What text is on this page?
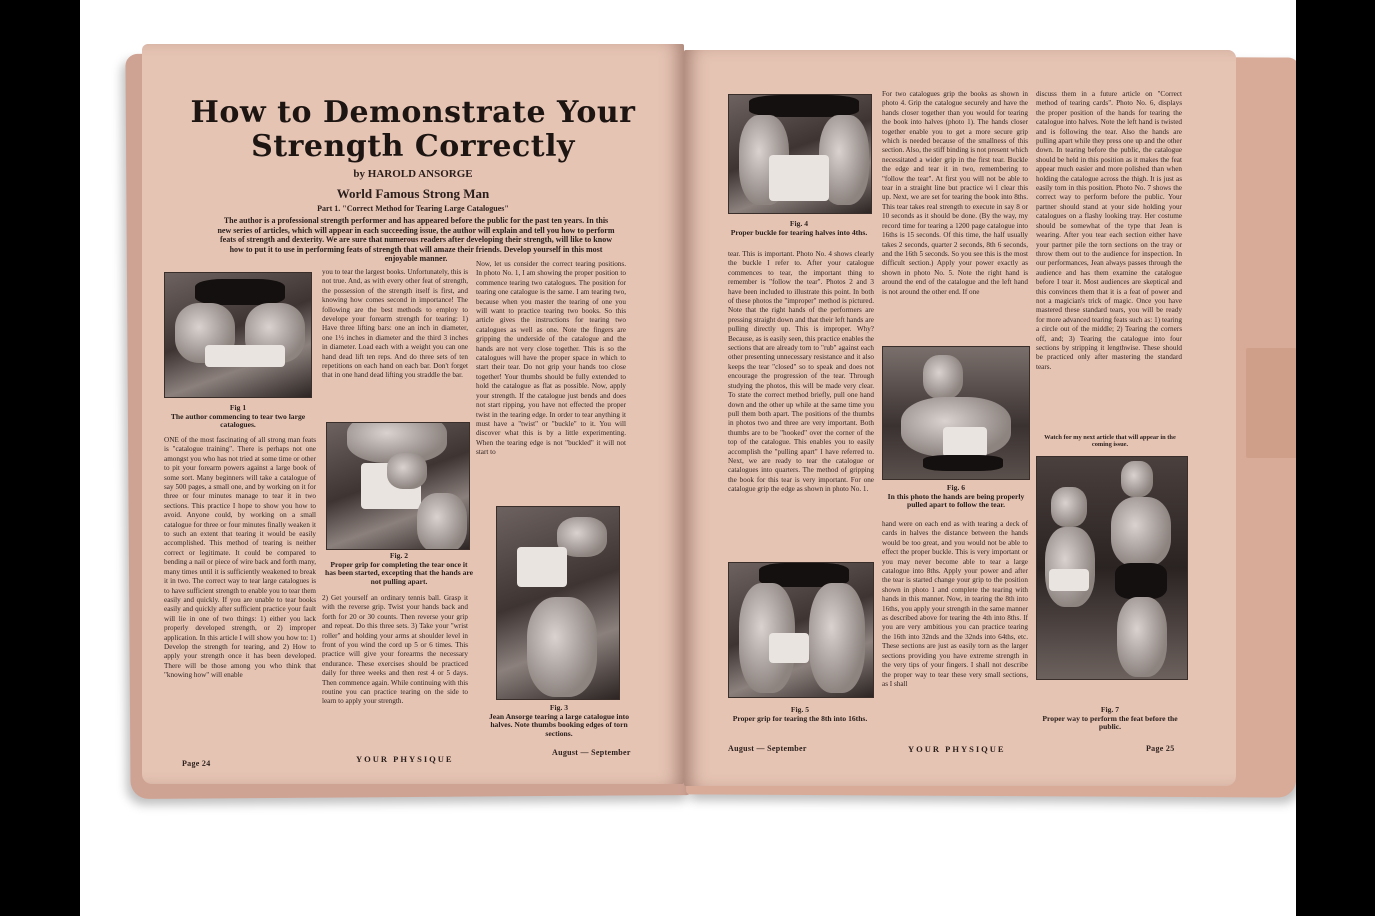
How to Demonstrate Your Strength Correctly
by HAROLD ANSORGE
World Famous Strong Man
Part 1. "Correct Method for Tearing Large Catalogues"
The author is a professional strength performer and has appeared before the public for the past ten years. In this new series of articles, which will appear in each succeeding issue, the author will explain and tell you how to perform feats of strength and dexterity. We are sure that numerous readers after developing their strength, will like to know how to put it to use in performing feats of strength that will amaze their friends. Develop yourself in this most enjoyable manner.
Fig 1
The author commencing to tear two large catalogues.
ONE of the most fascinating of all strong man feats is "catalogue training". There is perhaps not one amongst you who has not tried at some time or other to pit your forearm powers against a large book of some sort. Many beginners will take a catalogue of say 500 pages, a small one, and by working on it for three or four minutes manage to tear it in two sections. This practice I hope to show you how to avoid. Anyone could, by working on a small catalogue for three or four minutes finally weaken it to such an extent that tearing it would be easily accomplished. This method of tearing is neither correct or legitimate. It could be compared to bending a nail or piece of wire back and forth many, many times until it is sufficiently weakened to break it in two. The correct way to tear large catalogues is to have sufficient strength to enable you to tear them easily and quickly. If you are unable to tear books easily and quickly after sufficient practice your fault will lie in one of two things: 1) either you lack properly developed strength, or 2) improper application. In this article I will show you how to: 1) Develop the strength for tearing, and 2) How to apply your strength once it has been developed. There will be those among you who think that "knowing how" will enable
you to tear the largest books. Unfortunately, this is not true. And, as with every other feat of strength, the possession of the strength itself is first, and knowing how comes second in importance! The following are the best methods to employ to develope your forearm strength for tearing: 1) Have three lifting bars: one an inch in diameter, one 1½ inches in diameter and the third 3 inches in diameter. Load each with a weight you can one hand dead lift ten reps. And do three sets of ten repetitions on each hand on each bar. Don't forget that in one hand dead lifting you straddle the bar.
Fig. 2
Proper grip for completing the tear once it has been started, excepting that the hands are not pulling apart.
2) Get yourself an ordinary tennis ball. Grasp it with the reverse grip. Twist your hands back and forth for 20 or 30 counts. Then reverse your grip and repeat. Do this three sets. 3) Take your "wrist roller" and holding your arms at shoulder level in front of you wind the cord up 5 or 6 times. This practice will give your forearms the necessary endurance. These exercises should be practiced daily for three weeks and then rest 4 or 5 days. Then commence again. While continuing with this routine you can practice tearing on the side to learn to apply your strength.
Now, let us consider the correct tearing positions. In photo No. 1, I am showing the proper position to commence tearing two catalogues. The position for tearing one catalogue is the same. I am tearing two, because when you master the tearing of one you will want to practice tearing two books. So this article gives the instructions for tearing two catalogues as well as one. Note the fingers are gripping the underside of the catalogue and the hands are not very close together. This is so the catalogues will have the proper space in which to start their tear. Do not grip your hands too close together! Your thumbs should be fully extended to hold the catalogue as flat as possible. Now, apply your strength. If the catalogue just bends and does not start ripping, you have not effected the proper twist in the tearing edge. In order to tear anything it must have a "twist" or "buckle" to it. You will discover what this is by a little experimenting. When the tearing edge is not "buckled" it will not start to
Fig. 3
Jean Ansorge tearing a large catalogue into halves. Note thumbs booking edges of torn sections.
Page 24	YOUR PHYSIQUE
August — September
Fig. 4
Proper buckle for tearing halves into 4ths.
tear. This is important. Photo No. 4 shows clearly the buckle I refer to. After your catalogue commences to tear, the important thing to remember is "follow the tear". Photos 2 and 3 have been included to illustrate this point. In both of these photos the "improper" method is pictured. Note that the right hands of the performers are pressing straight down and that their left hands are pulling directly up. This is improper. Why? Because, as is easily seen, this practice enables the sections that are already torn to "rub" against each other presenting unnecessary resistance and it also keeps the tear "closed" so to speak and does not encourage the progression of the tear. Through studying the photos, this will be made very clear. To state the correct method briefly, pull one hand down and the other up while at the same time you pull them both apart. The positions of the thumbs in photos two and three are very important. Both thumbs are to be "hooked" over the corner of the top of the catalogue. This enables you to easily accomplish the "pulling apart" I have referred to. Next, we are ready to tear the catalogue or catalogues into quarters. The method of gripping the book for this tear is very important. For one catalogue grip the edge as shown in photo No. 1.
Fig. 5
Proper grip for tearing the 8th into 16ths.
For two catalogues grip the books as shown in photo 4. Grip the catalogue securely and have the hands closer together than you would for tearing the book into halves (photo 1). The hands closer together enable you to get a more secure grip which is needed because of the smallness of this section. Also, the stiff binding is not present which necessitated a wider grip in the first tear. Buckle the edge and tear it in two, remembering to "follow the tear". At first you will not be able to tear in a straight line but practice wi l clear this up. Next, we are set for tearing the book into 8ths. This tear takes real strength to execute in say 8 or 10 seconds as it should be done. (By the way, my record time for tearing a 1200 page catalogue into 16ths is 15 seconds. Of this time, the half usually takes 2 seconds, quarter 2 seconds, 8th 6 seconds, and the 16th 5 seconds. So you see this is the most difficult section.) Apply your power exactly as shown in photo No. 5. Note the right hand is around the end of the catalogue and the left hand is not around the other end. If one
Fig. 6
In this photo the hands are being properly pulled apart to follow the tear.
hand were on each end as with tearing a deck of cards in halves the distance between the hands would be too great, and you would not be able to effect the proper buckle. This is very important or you may never become able to tear a large catalogue into 8ths. Apply your power and after the tear is started change your grip to the position shown in photo 1 and complete the tearing with hands in this manner. Now, in tearing the 8th into 16ths, you apply your strength in the same manner as described above for tearing the 4th into 8ths. If you are very ambitious you can practice tearing the 16th into 32nds and the 32nds into 64ths, etc. These sections are just as easily torn as the larger sections providing you have extreme strength in the very tips of your fingers. I shall not describe the proper way to tear these very small sections, as I shall
discuss them in a future article on "Correct method of tearing cards". Photo No. 6, displays the proper position of the hands for tearing the catalogue into halves. Note the left hand is twisted and is following the tear. Also the hands are pulling apart while they press one up and the other down. In tearing before the public, the catalogue should be held in this position as it makes the feat appear much easier and more polished than when holding the catalogue across the thigh. It is just as easily torn in this position. Photo No. 7 shows the correct way to perform before the public. Your partner should stand at your side holding your catalogues on a flashy looking tray. Her costume should be somewhat of the type that Jean is wearing. After you tear each section either have your partner pile the torn sections on the tray or throw them out to the audience for inspection. In our performances, Jean always passes through the audience and has them examine the catalogue before I tear it. Most audiences are skeptical and this convinces them that it is a feat of power and not a magician's trick of magic. Once you have mastered these standard tears, you will be ready for more advanced tearing feats such as: 1) tearing a circle out of the middle; 2) Tearing the corners off, and; 3) Tearing the catalogue into four sections by stripping it lengthwise. These should be practiced only after mastering the standard tears.
Watch for my next article that will appear in the coming issue.
Fig. 7
Proper way to perform the feat before the public.
August — September	YOUR PHYSIQUE	Page 25
